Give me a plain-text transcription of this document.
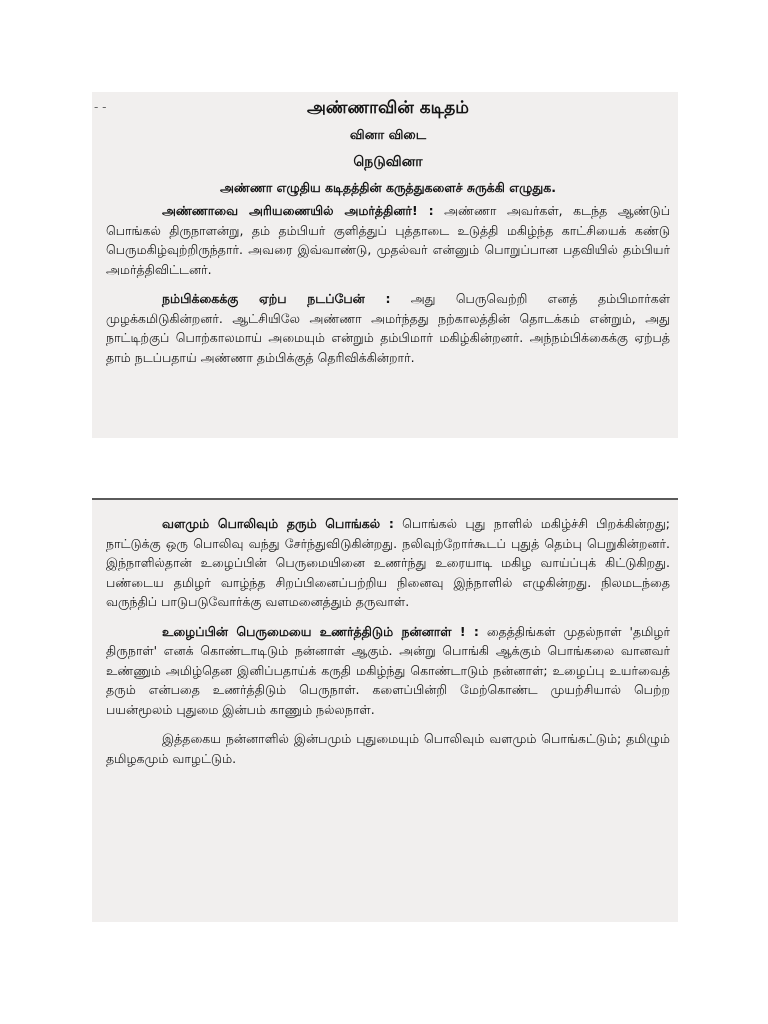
- -	அண்ணாவின் கடிதம்

வினா விடை

நெடுவினா

அண்ணா எழுதிய கடிதத்தின் கருத்துகளைச் சுருக்கி எழுதுக.

அண்ணாவை அரியணையில் அமர்த்தினர்! : அண்ணா அவர்கள், கடந்த ஆண்டுப் பொங்கல் திருநாளன்று, தம் தம்பியர் குளித்துப் புத்தாடை உடுத்தி மகிழ்ந்த காட்சியைக் கண்டு பெருமகிழ்வுற்றிருந்தார். அவரை இவ்வாண்டு, முதல்வர் என்னும் பொறுப்பான பதவியில் தம்பியர் அமர்த்திவிட்டனர்.

நம்பிக்கைக்கு ஏற்ப நடப்பேன் : அது பெருவெற்றி எனத் தம்பிமார்கள் முழக்கமிடுகின்றனர். ஆட்சியிலே அண்ணா அமர்ந்தது நற்காலத்தின் தொடக்கம் என்றும், அது நாட்டிற்குப் பொற்காலமாய் அமையும் என்றும் தம்பிமார் மகிழ்கின்றனர். அந்நம்பிக்கைக்கு ஏற்பத் தாம் நடப்பதாய் அண்ணா தம்பிக்குத் தெரிவிக்கின்றார்.

வளமும் பொலிவும் தரும் பொங்கல் : பொங்கல் புது நாளில் மகிழ்ச்சி பிறக்கின்றது; நாட்டுக்கு ஒரு பொலிவு வந்து சேர்ந்துவிடுகின்றது. நலிவுற்றோர்கூடப் புதுத் தெம்பு பெறுகின்றனர். இந்நாளில்தான் உழைப்பின் பெருமையினை உணர்ந்து உரையாடி மகிழ வாய்ப்புக் கிட்டுகிறது. பண்டைய தமிழர் வாழ்ந்த சிறப்பினைப்பற்றிய நினைவு இந்நாளில் எழுகின்றது. நிலமடந்தை வருந்திப் பாடுபடுவோர்க்கு வளமனைத்தும் தருவாள்.

உழைப்பின் பெருமையை உணர்த்திடும் நன்னாள் ! : தைத்திங்கள் முதல்நாள் 'தமிழர் திருநாள்' எனக் கொண்டாடிடும் நன்னாள் ஆகும். அன்று பொங்கி ஆக்கும் பொங்கலை வானவர் உண்ணும் அமிழ்தென இனிப்பதாய்க் கருதி மகிழ்ந்து கொண்டாடும் நன்னாள்; உழைப்பு உயர்வைத் தரும் என்பதை உணர்த்திடும் பெருநாள். களைப்பின்றி மேற்கொண்ட முயற்சியால் பெற்ற பயன்மூலம் புதுமை இன்பம் காணும் நல்லநாள்.

இத்தகைய நன்னாளில் இன்பமும் புதுமையும் பொலிவும் வளமும் பொங்கட்டும்; தமிழும் தமிழகமும் வாழட்டும்.
